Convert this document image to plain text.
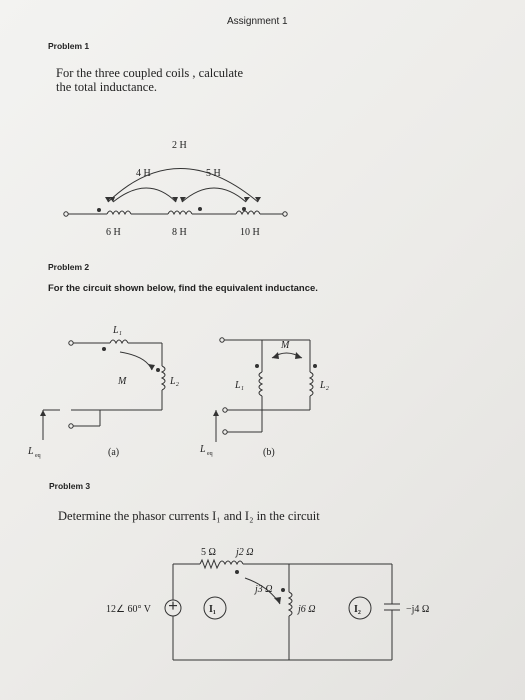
Assignment 1
Problem 1
For the three coupled coils , calculate
the total inductance.
2 H
4 H	5 H
6 H	8 H	10 H
Problem 2
For the circuit shown below, find the equivalent inductance.
L₁
M	L₂
L eq	(a)
M
L₁	L₂
L eq	(b)
Problem 3
Determine the phasor currents I₁ and I₂ in the circuit
5 Ω j2 Ω
j3 Ω
j6 Ω	−j4 Ω
12∠ 60° V	I₁	I₂
